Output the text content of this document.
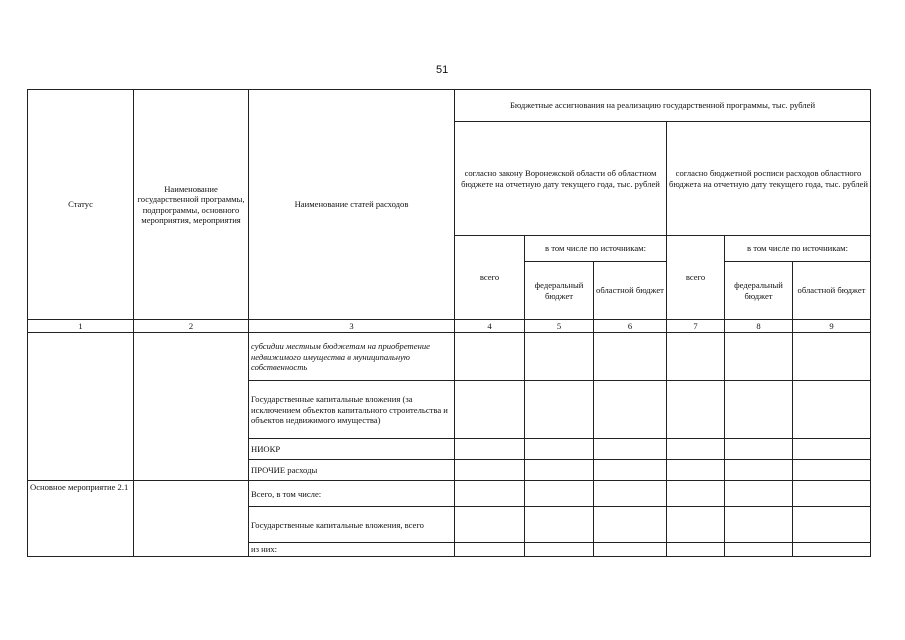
51
Статус	Наименование государственной программы, подпрограммы, основного мероприятия, мероприятия	Наименование статей расходов	Бюджетные ассигнования на реализацию государственной программы, тыс. рублей					
			согласно закону Воронежской области об областном бюджете на отчетную дату текущего года, тыс. рублей			согласно бюджетной росписи расходов областного бюджета на отчетную дату текущего года, тыс. рублей		
			всего	в том числе по источникам:		всего	в том числе по источникам:	
				федеральный бюджет	областной бюджет		федеральный бюджет	областной бюджет
1	2	3	4	5	6	7	8	9
		субсидии местным бюджетам на приобретение недвижимого имущества в муниципальную собственность						
		Государственные капитальные вложения (за исключением объектов капитального строительства и объектов недвижимого имущества)						
		НИОКР						
		ПРОЧИЕ расходы						
Основное мероприятие 2.1		Всего, в том числе:						
		Государственные капитальные вложения, всего						
		из них:						
